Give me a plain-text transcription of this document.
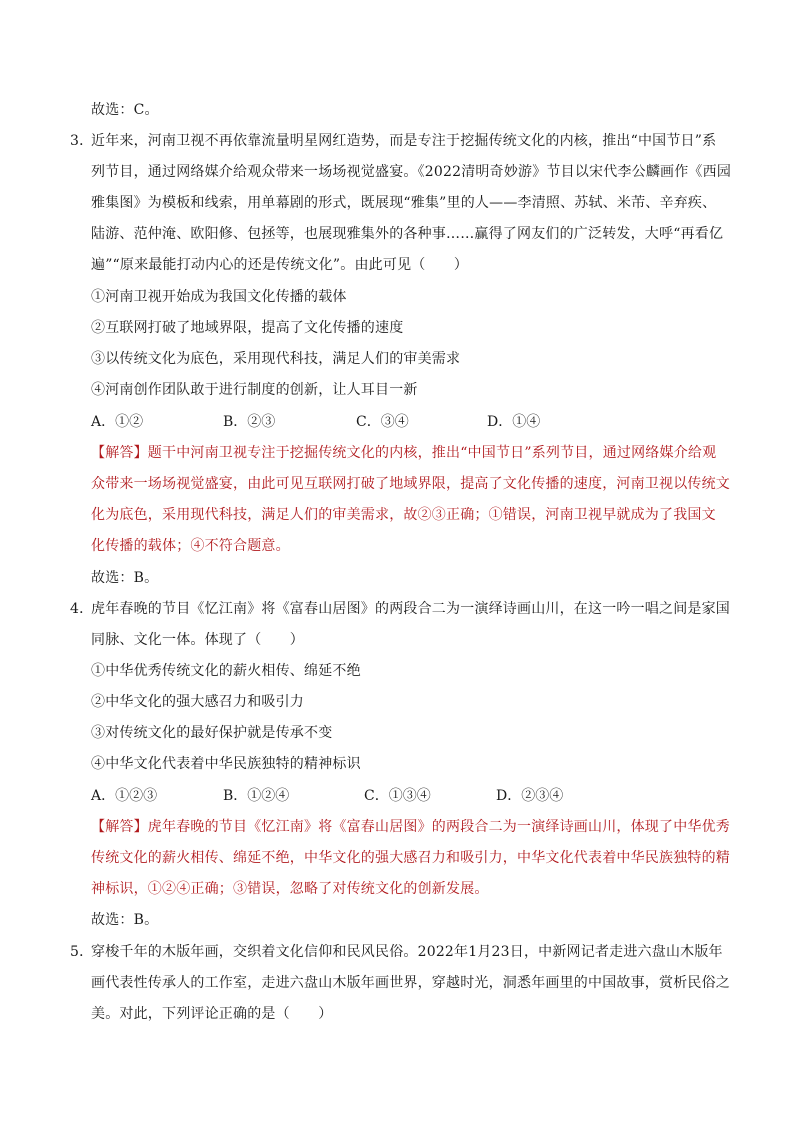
故选：C。
3．
近年来，河南卫视不再依靠流量明星网红造势，而是专注于挖掘传统文化的内核，推出“中国节日”系
列节目，通过网络媒介给观众带来一场场视觉盛宴。《2022清明奇妙游》节目以宋代李公麟画作《西园
雅集图》为模板和线索，用单幕剧的形式，既展现“雅集”里的人——李清照、苏轼、米芾、辛弃疾、
陆游、范仲淹、欧阳修、包拯等，也展现雅集外的各种事……赢得了网友们的广泛转发，大呼“再看亿
遍”“原来最能打动内心的还是传统文化”。由此可见（　　）
①河南卫视开始成为我国文化传播的载体
②互联网打破了地域界限，提高了文化传播的速度
③以传统文化为底色，采用现代科技，满足人们的审美需求
④河南创作团队敢于进行制度的创新，让人耳目一新
A．①②	B．②③	C．③④	D．①④
【解答】题干中河南卫视专注于挖掘传统文化的内核，推出“中国节日”系列节目，通过网络媒介给观
众带来一场场视觉盛宴，由此可见互联网打破了地域界限，提高了文化传播的速度，河南卫视以传统文
化为底色，采用现代科技，满足人们的审美需求，故②③正确；①错误，河南卫视早就成为了我国文
化传播的载体；④不符合题意。
故选：B。
4．
虎年春晚的节目《忆江南》将《富春山居图》的两段合二为一演绎诗画山川，在这一吟一唱之间是家国
同脉、文化一体。体现了（　　）
①中华优秀传统文化的薪火相传、绵延不绝
②中华文化的强大感召力和吸引力
③对传统文化的最好保护就是传承不变
④中华文化代表着中华民族独特的精神标识
A．①②③	B．①②④	C．①③④	D．②③④
【解答】虎年春晚的节目《忆江南》将《富春山居图》的两段合二为一演绎诗画山川，体现了中华优秀
传统文化的薪火相传、绵延不绝，中华文化的强大感召力和吸引力，中华文化代表着中华民族独特的精
神标识，①②④正确；③错误，忽略了对传统文化的创新发展。
故选：B。
5．
穿梭千年的木版年画，交织着文化信仰和民风民俗。2022年1月23日，中新网记者走进六盘山木版年
画代表性传承人的工作室，走进六盘山木版年画世界，穿越时光，洞悉年画里的中国故事，赏析民俗之
美。对此，下列评论正确的是（　　）
